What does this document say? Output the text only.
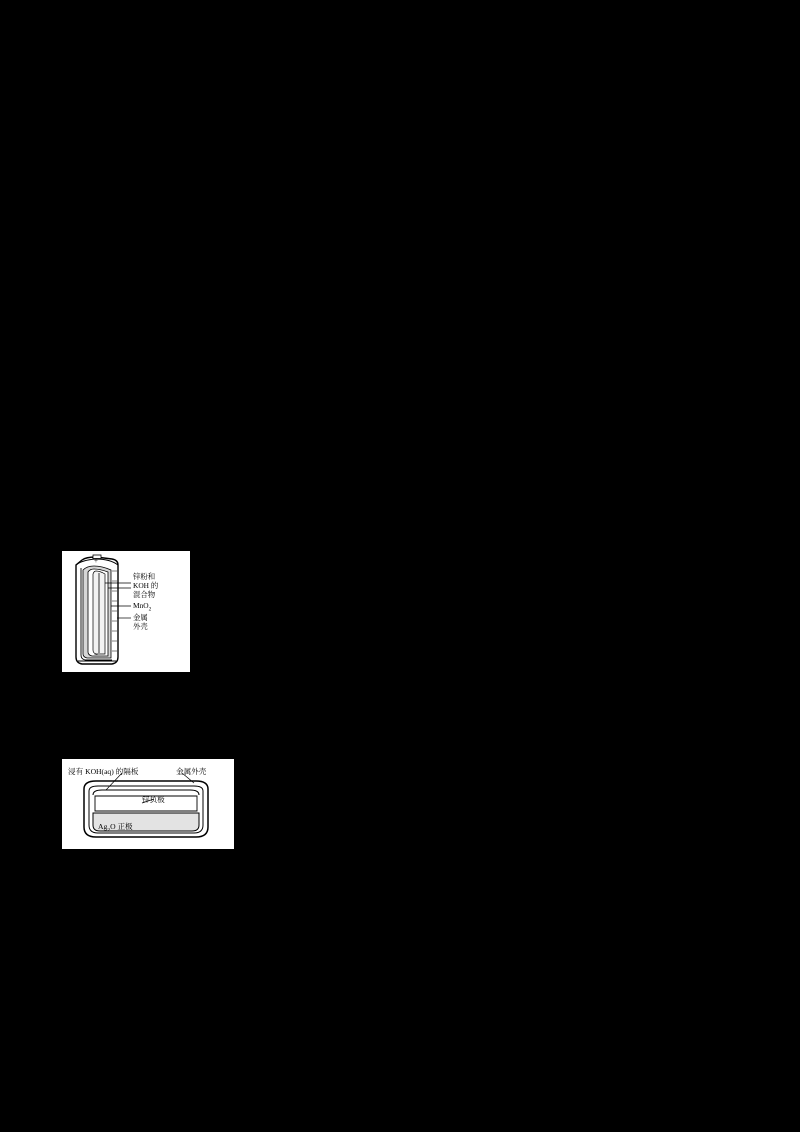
+
−
锌粉和
KOH 的
混合物
MnO$_2$
金属
外壳
浸有 KOH(aq) 的隔板	金属外壳
锌负极
$Ag_2O$ 正极
